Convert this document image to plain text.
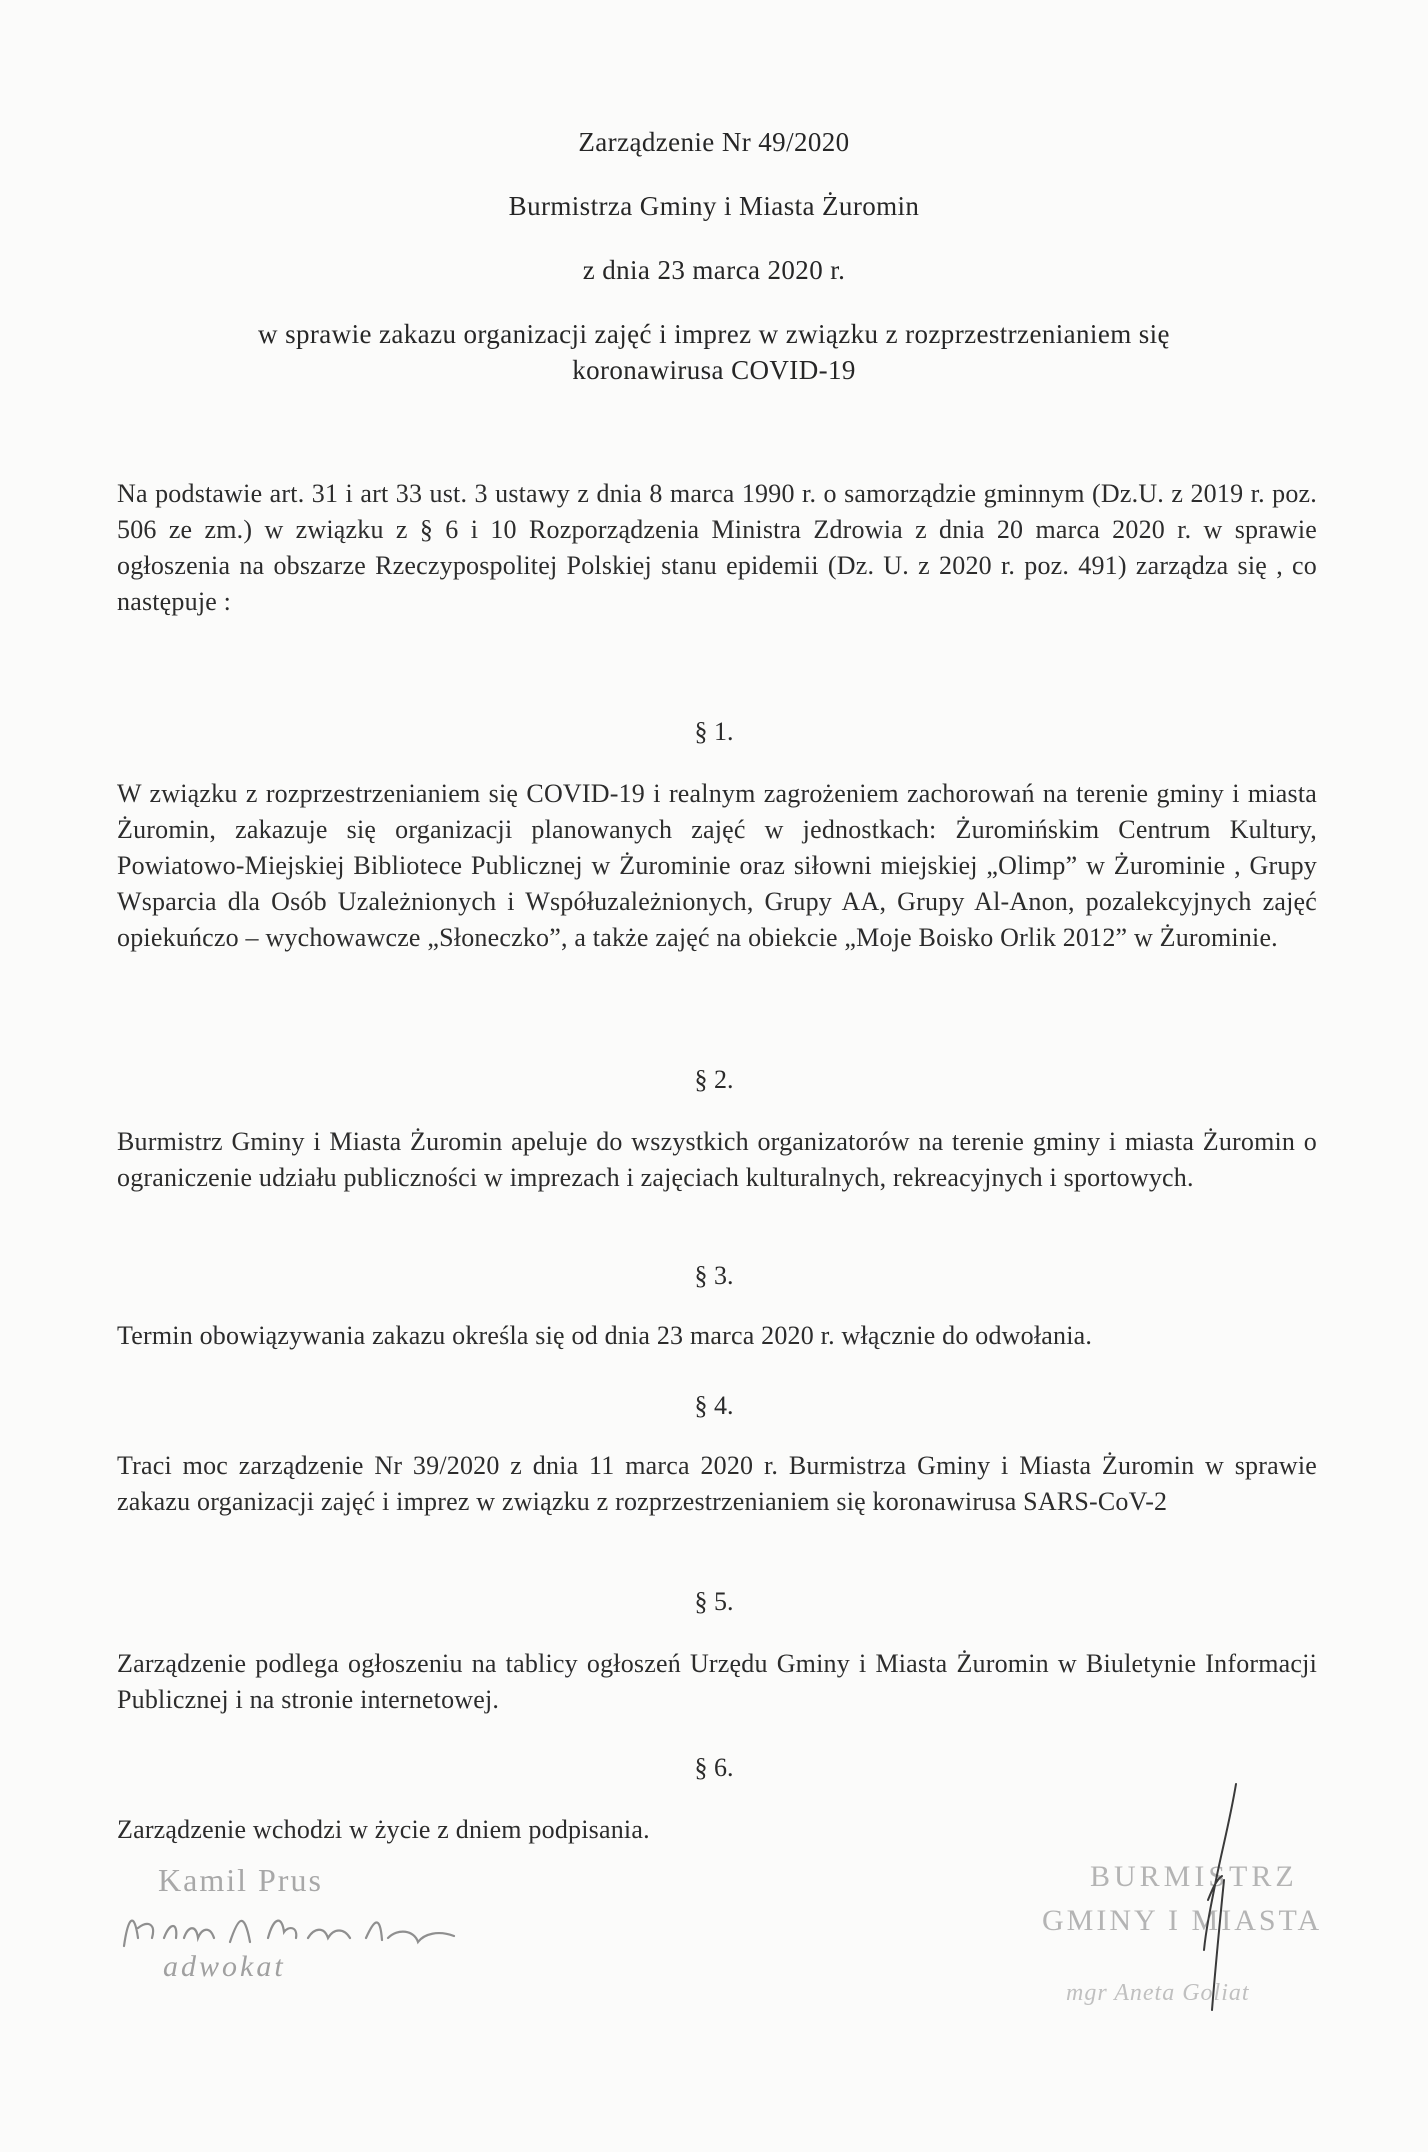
Zarządzenie Nr 49/2020
Burmistrza Gminy i Miasta Żuromin
z dnia 23 marca 2020 r.
w sprawie zakazu organizacji zajęć i imprez w związku z rozprzestrzenianiem się
koronawirusa COVID-19
Na podstawie art. 31 i art 33 ust. 3 ustawy z dnia 8 marca 1990 r. o samorządzie gminnym (Dz.U. z 2019 r. poz. 506 ze zm.) w związku z § 6 i 10 Rozporządzenia Ministra Zdrowia z dnia 20 marca 2020 r. w sprawie ogłoszenia na obszarze Rzeczypospolitej Polskiej stanu epidemii (Dz. U. z 2020 r. poz. 491) zarządza się , co następuje :
§ 1.
W związku z rozprzestrzenianiem się COVID-19 i realnym zagrożeniem zachorowań na terenie gminy i miasta Żuromin, zakazuje się organizacji planowanych zajęć w jednostkach: Żuromińskim Centrum Kultury, Powiatowo-Miejskiej Bibliotece Publicznej w Żurominie oraz siłowni miejskiej „Olimp” w Żurominie , Grupy Wsparcia dla Osób Uzależnionych i Współuzależnionych, Grupy AA, Grupy Al-Anon, pozalekcyjnych zajęć opiekuńczo – wychowawcze „Słoneczko”, a także zajęć na obiekcie „Moje Boisko Orlik 2012” w Żurominie.
§ 2.
Burmistrz Gminy i Miasta Żuromin apeluje do wszystkich organizatorów na terenie gminy i miasta Żuromin o ograniczenie udziału publiczności w imprezach i zajęciach kulturalnych, rekreacyjnych i sportowych.
§ 3.
Termin obowiązywania zakazu określa się od dnia 23 marca 2020 r. włącznie do odwołania.
§ 4.
Traci moc zarządzenie Nr 39/2020 z dnia 11 marca 2020 r. Burmistrza Gminy i Miasta Żuromin w sprawie zakazu organizacji zajęć i imprez w związku z rozprzestrzenianiem się koronawirusa SARS-CoV-2
§ 5.
Zarządzenie podlega ogłoszeniu na tablicy ogłoszeń Urzędu Gminy i Miasta Żuromin w Biuletynie Informacji Publicznej i na stronie internetowej.
§ 6.
Zarządzenie wchodzi w życie z dniem podpisania.
Kamil Prus
adwokat
BURMISTRZ
GMINY I MIASTA
mgr Aneta Goliat
